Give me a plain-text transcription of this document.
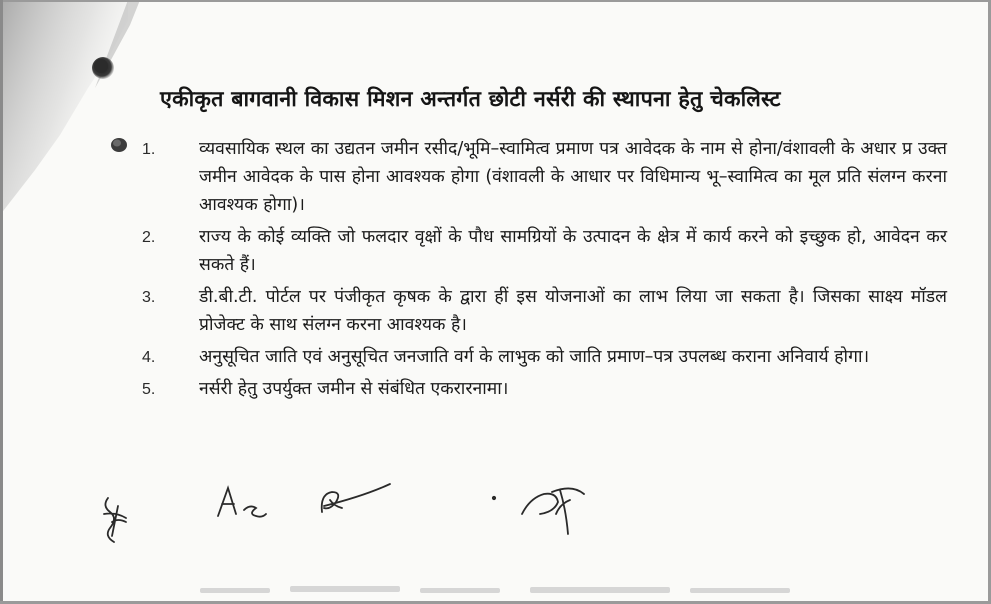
एकीकृत बागवानी विकास मिशन अन्तर्गत छोटी नर्सरी की स्थापना हेतु चेकलिस्ट
1. व्यवसायिक स्थल का उद्यतन जमीन रसीद/भूमि–स्वामित्व प्रमाण पत्र आवेदक के नाम से होना/वंशावली के अधार प्र उक्त जमीन आवेदक के पास होना आवश्यक होगा (वंशावली के आधार पर विधिमान्य भू–स्वामित्व का मूल प्रति संलग्न करना आवश्यक होगा)।
2. राज्य के कोई व्यक्ति जो फलदार वृक्षों के पौध सामग्रियों के उत्पादन के क्षेत्र में कार्य करने को इच्छुक हो, आवेदन कर सकते हैं।
3. डी.बी.टी. पोर्टल पर पंजीकृत कृषक के द्वारा हीं इस योजनाओं का लाभ लिया जा सकता है। जिसका साक्ष्य मॉडल प्रोजेक्ट के साथ संलग्न करना आवश्यक है।
4. अनुसूचित जाति एवं अनुसूचित जनजाति वर्ग के लाभुक को जाति प्रमाण–पत्र उपलब्ध कराना अनिवार्य होगा।
5. नर्सरी हेतु उपर्युक्त जमीन से संबंधित एकरारनामा।
